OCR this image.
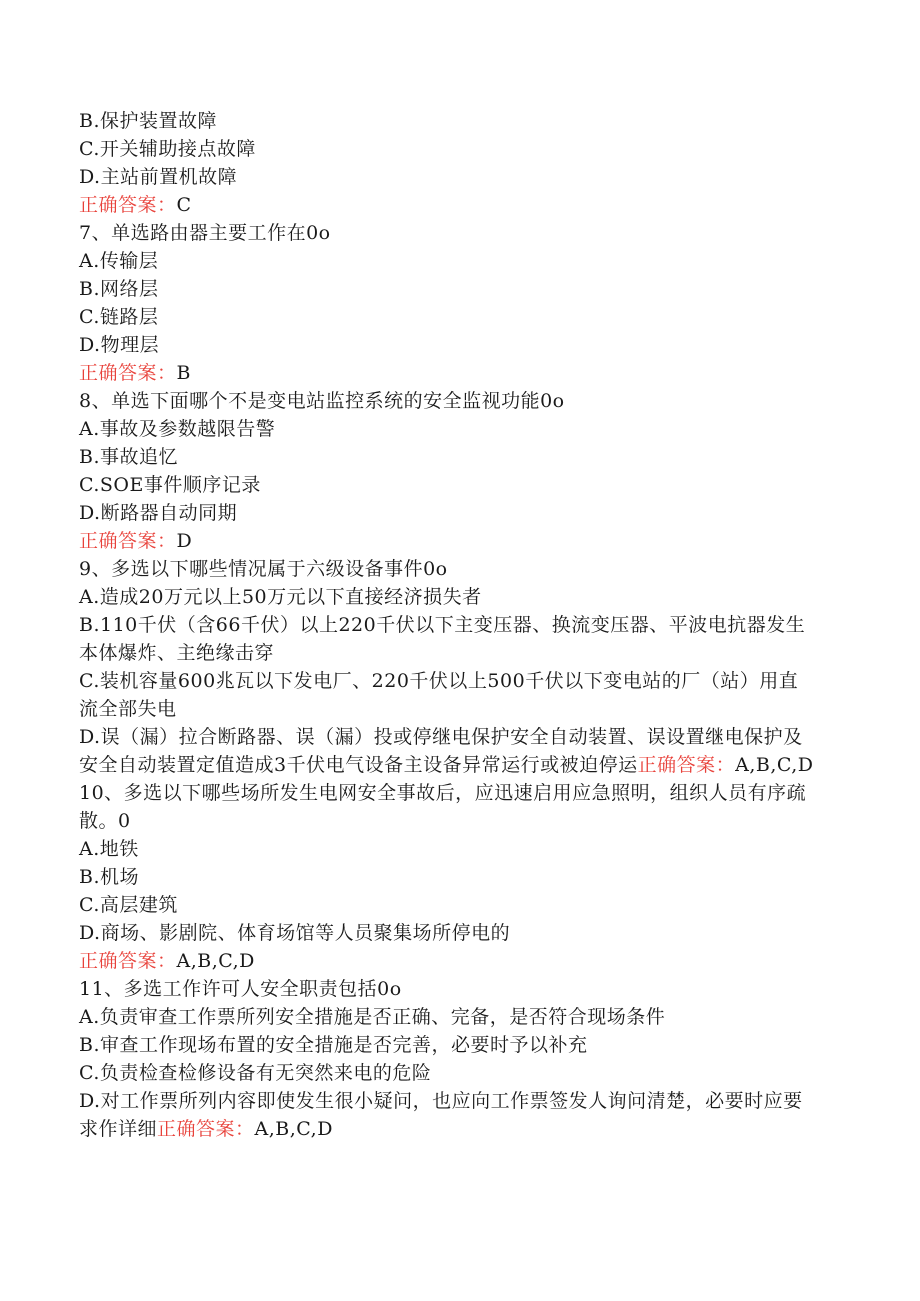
B.保护装置故障
C.开关辅助接点故障
D.主站前置机故障
正确答案：C
7、单选路由器主要工作在0o
A.传输层
B.网络层
C.链路层
D.物理层
正确答案：B
8、单选下面哪个不是变电站监控系统的安全监视功能0o
A.事故及参数越限告警
B.事故追忆
C.SOE事件顺序记录
D.断路器自动同期
正确答案：D
9、多选以下哪些情况属于六级设备事件0o
A.造成20万元以上50万元以下直接经济损失者
B.110千伏（含66千伏）以上220千伏以下主变压器、换流变压器、平波电抗器发生本体爆炸、主绝缘击穿
C.装机容量600兆瓦以下发电厂、220千伏以上500千伏以下变电站的厂（站）用直流全部失电
D.误（漏）拉合断路器、误（漏）投或停继电保护安全自动装置、误设置继电保护及安全自动装置定值造成3千伏电气设备主设备异常运行或被迫停运正确答案：A,B,C,D
10、多选以下哪些场所发生电网安全事故后，应迅速启用应急照明，组织人员有序疏散。0
A.地铁
B.机场
C.高层建筑
D.商场、影剧院、体育场馆等人员聚集场所停电的
正确答案：A,B,C,D
11、多选工作许可人安全职责包括0o
A.负责审查工作票所列安全措施是否正确、完备，是否符合现场条件
B.审查工作现场布置的安全措施是否完善，必要时予以补充
C.负责检查检修设备有无突然来电的危险
D.对工作票所列内容即使发生很小疑问，也应向工作票签发人询问清楚，必要时应要求作详细正确答案：A,B,C,D
